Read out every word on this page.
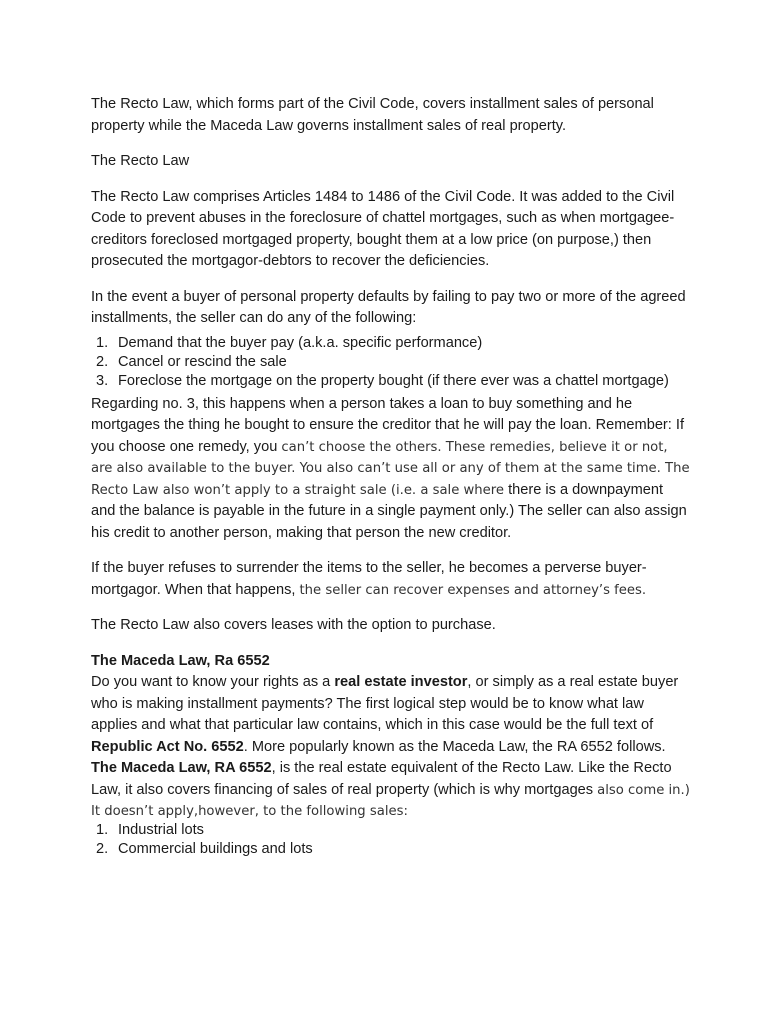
The Recto Law, which forms part of the Civil Code, covers installment sales of personal property while the Maceda Law governs installment sales of real property.

The Recto Law

The Recto Law comprises Articles 1484 to 1486 of the Civil Code. It was added to the Civil Code to prevent abuses in the foreclosure of chattel mortgages, such as when mortgagee-creditors foreclosed mortgaged property, bought them at a low price (on purpose,) then prosecuted the mortgagor-debtors to recover the deficiencies.

In the event a buyer of personal property defaults by failing to pay two or more of the agreed installments, the seller can do any of the following:

1. Demand that the buyer pay (a.k.a. specific performance)
2. Cancel or rescind the sale
3. Foreclose the mortgage on the property bought (if there ever was a chattel mortgage)

Regarding no. 3, this happens when a person takes a loan to buy something and he mortgages the thing he bought to ensure the creditor that he will pay the loan. Remember: If you choose one remedy, you can’t choose the others. These remedies, believe it or not, are also available to the buyer. You also can’t use all or any of them at the same time. The Recto Law also won’t apply to a straight sale (i.e. a sale where there is a downpayment and the balance is payable in the future in a single payment only.) The seller can also assign his credit to another person, making that person the new creditor.

If the buyer refuses to surrender the items to the seller, he becomes a perverse buyer-mortgagor. When that happens, the seller can recover expenses and attorney’s fees.

The Recto Law also covers leases with the option to purchase.

The Maceda Law, Ra 6552

Do you want to know your rights as a real estate investor, or simply as a real estate buyer who is making installment payments? The first logical step would be to know what law applies and what that particular law contains, which in this case would be the full text of Republic Act No. 6552. More popularly known as the Maceda Law, the RA 6552 follows.

The Maceda Law, RA 6552, is the real estate equivalent of the Recto Law. Like the Recto Law, it also covers financing of sales of real property (which is why mortgages also come in.) It doesn’t apply,however, to the following sales:

1. Industrial lots
2. Commercial buildings and lots
